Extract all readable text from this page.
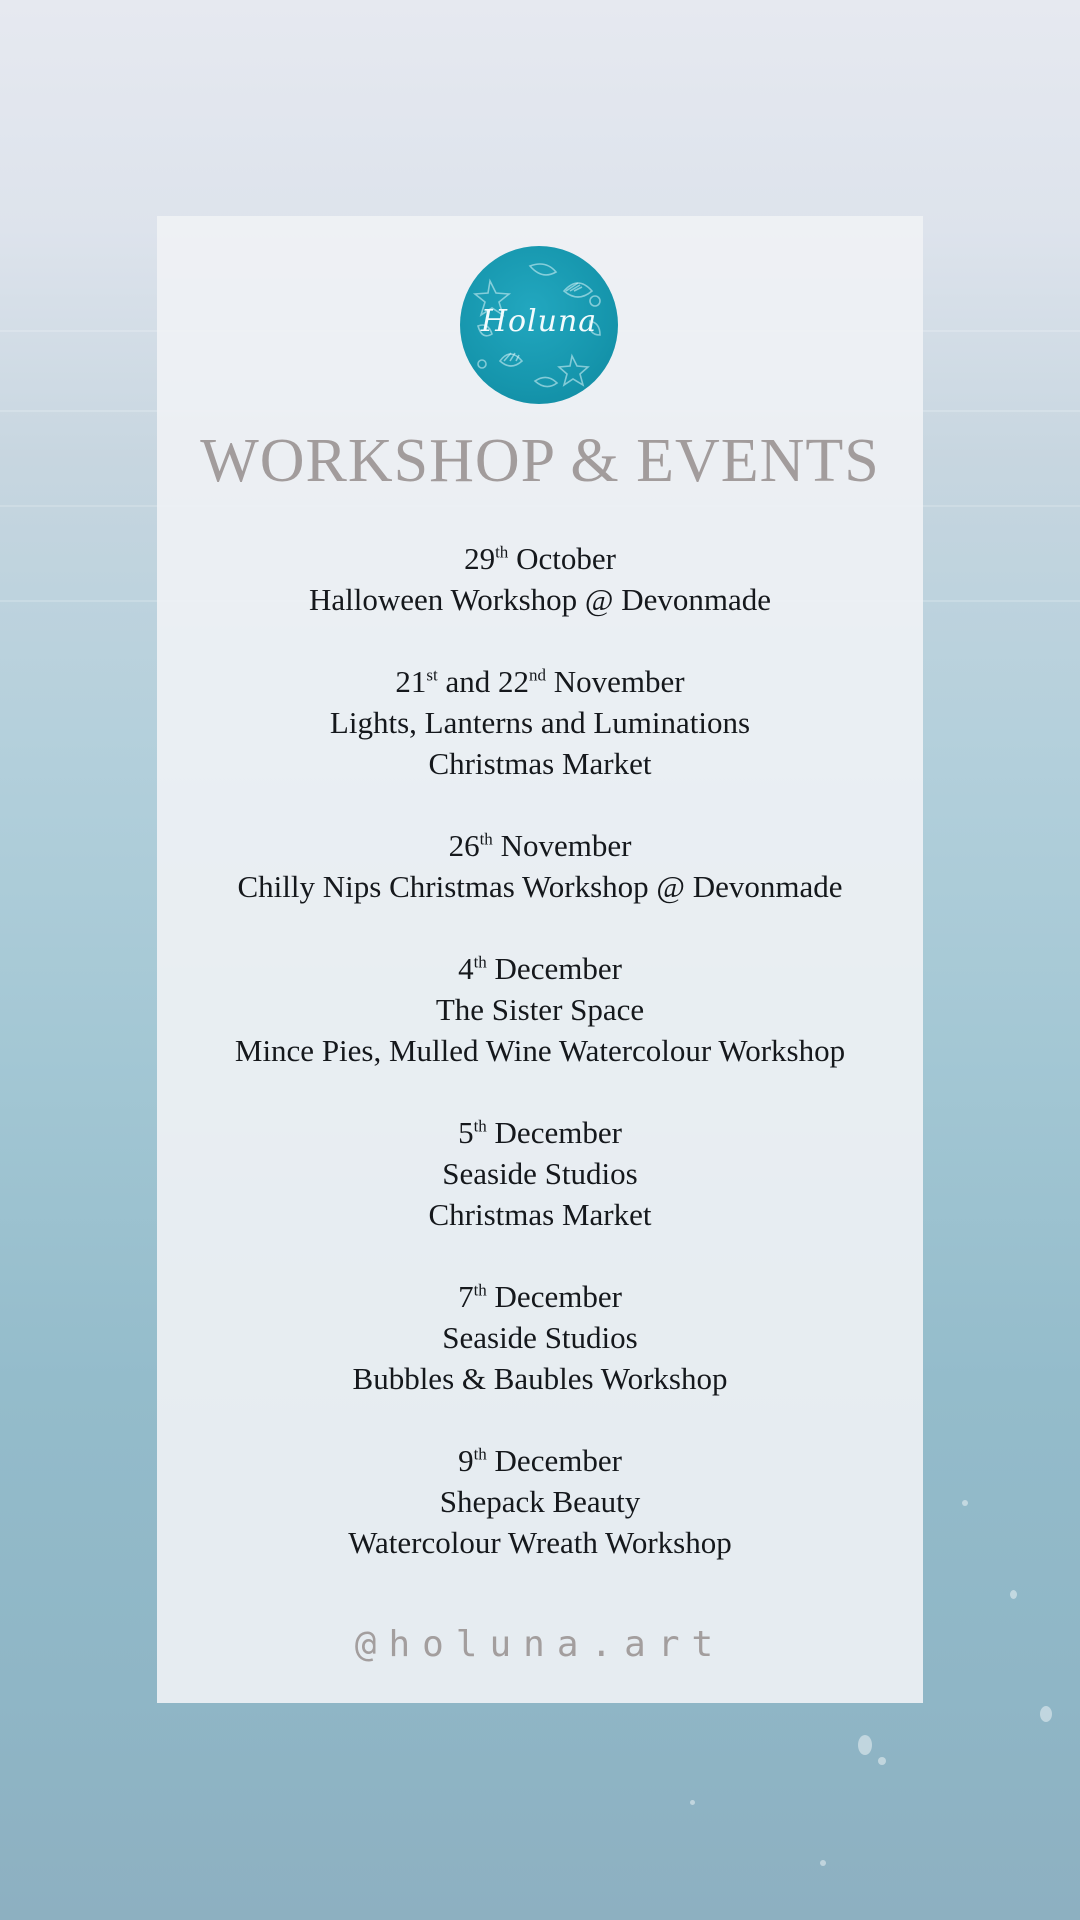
Holuna
WORKSHOP & EVENTS
29th October
Halloween Workshop @ Devonmade
21st and 22nd November
Lights, Lanterns and Luminations
Christmas Market
26th November
Chilly Nips Christmas Workshop @ Devonmade
4th December
The Sister Space
Mince Pies, Mulled Wine Watercolour Workshop
5th December
Seaside Studios
Christmas Market
7th December
Seaside Studios
Bubbles & Baubles Workshop
9th December
Shepack Beauty
Watercolour Wreath Workshop
@holuna.art
